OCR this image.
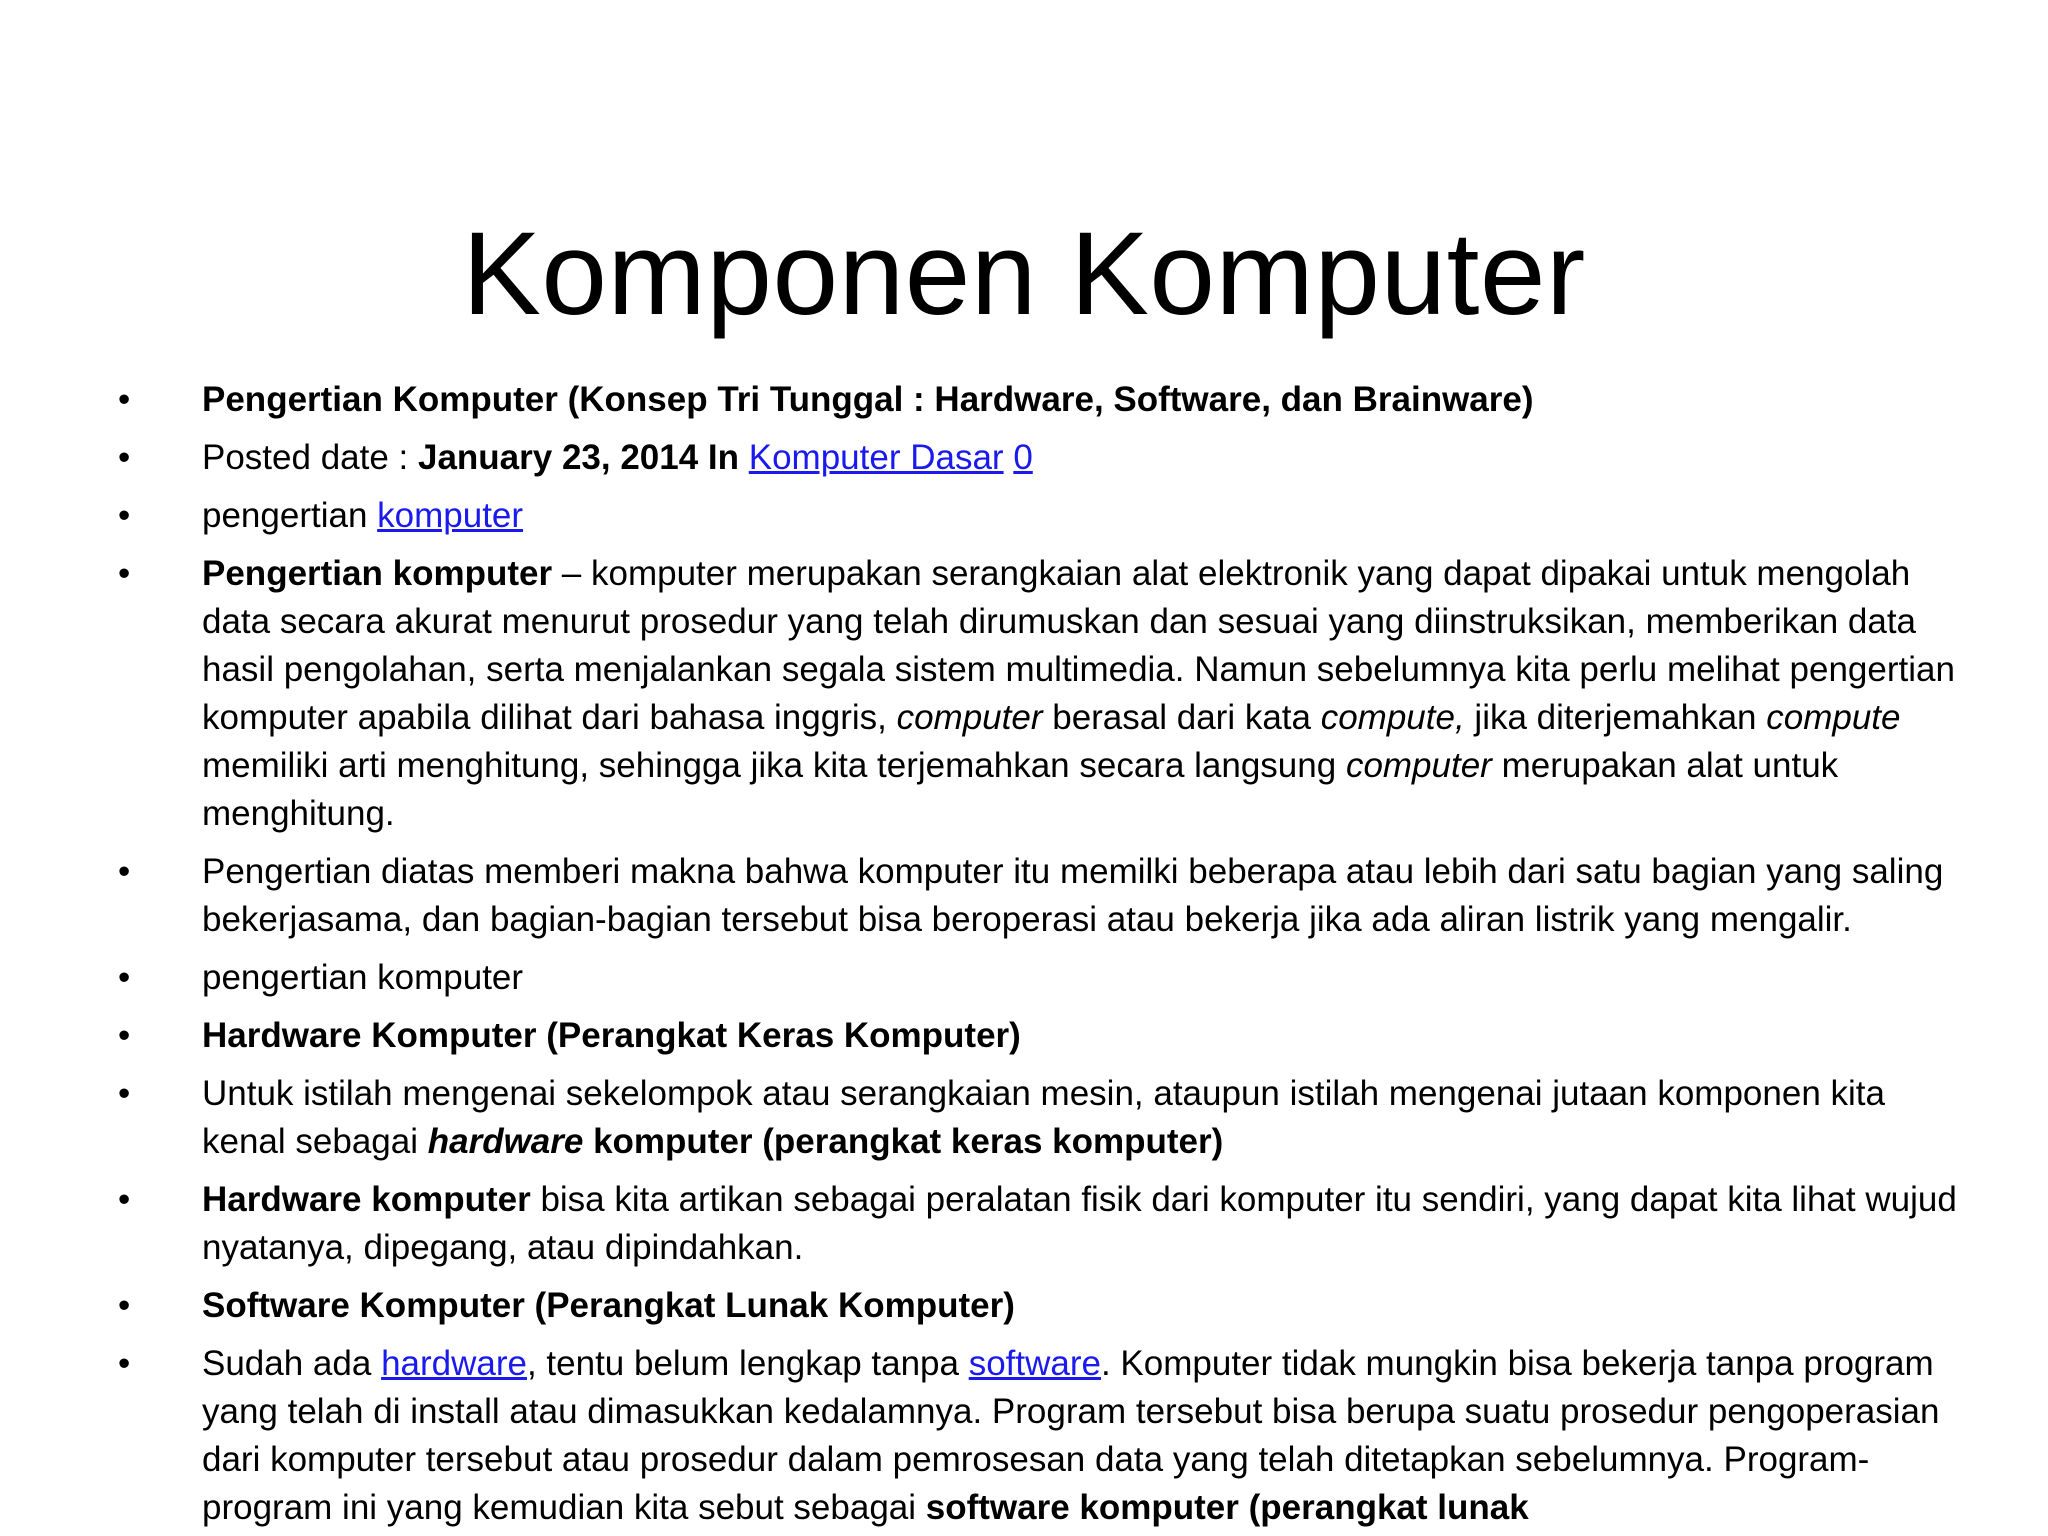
Komponen Komputer
•	Pengertian Komputer (Konsep Tri Tunggal : Hardware, Software, dan Brainware)
•	Posted date : January 23, 2014 In Komputer Dasar 0
•	pengertian komputer
•	Pengertian komputer – komputer merupakan serangkaian alat elektronik yang dapat dipakai untuk mengolah data secara akurat menurut prosedur yang telah dirumuskan dan sesuai yang diinstruksikan, memberikan data hasil pengolahan, serta menjalankan segala sistem multimedia. Namun sebelumnya kita perlu melihat pengertian komputer apabila dilihat dari bahasa inggris, computer berasal dari kata compute, jika diterjemahkan compute memiliki arti menghitung, sehingga jika kita terjemahkan secara langsung computer merupakan alat untuk menghitung.
•	Pengertian diatas memberi makna bahwa komputer itu memilki beberapa atau lebih dari satu bagian yang saling bekerjasama, dan bagian-bagian tersebut bisa beroperasi atau bekerja jika ada aliran listrik yang mengalir.
•	pengertian komputer
•	Hardware Komputer (Perangkat Keras Komputer)
•	Untuk istilah mengenai sekelompok atau serangkaian mesin, ataupun istilah mengenai jutaan komponen kita kenal sebagai hardware komputer (perangkat keras komputer)
•	Hardware komputer bisa kita artikan sebagai peralatan fisik dari komputer itu sendiri, yang dapat kita lihat wujud nyatanya, dipegang, atau dipindahkan.
•	Software Komputer (Perangkat Lunak Komputer)
•	Sudah ada hardware, tentu belum lengkap tanpa software. Komputer tidak mungkin bisa bekerja tanpa program yang telah di install atau dimasukkan kedalamnya. Program tersebut bisa berupa suatu prosedur pengoperasian dari komputer tersebut atau prosedur dalam pemrosesan data yang telah ditetapkan sebelumnya. Program-program ini yang kemudian kita sebut sebagai software komputer (perangkat lunak
